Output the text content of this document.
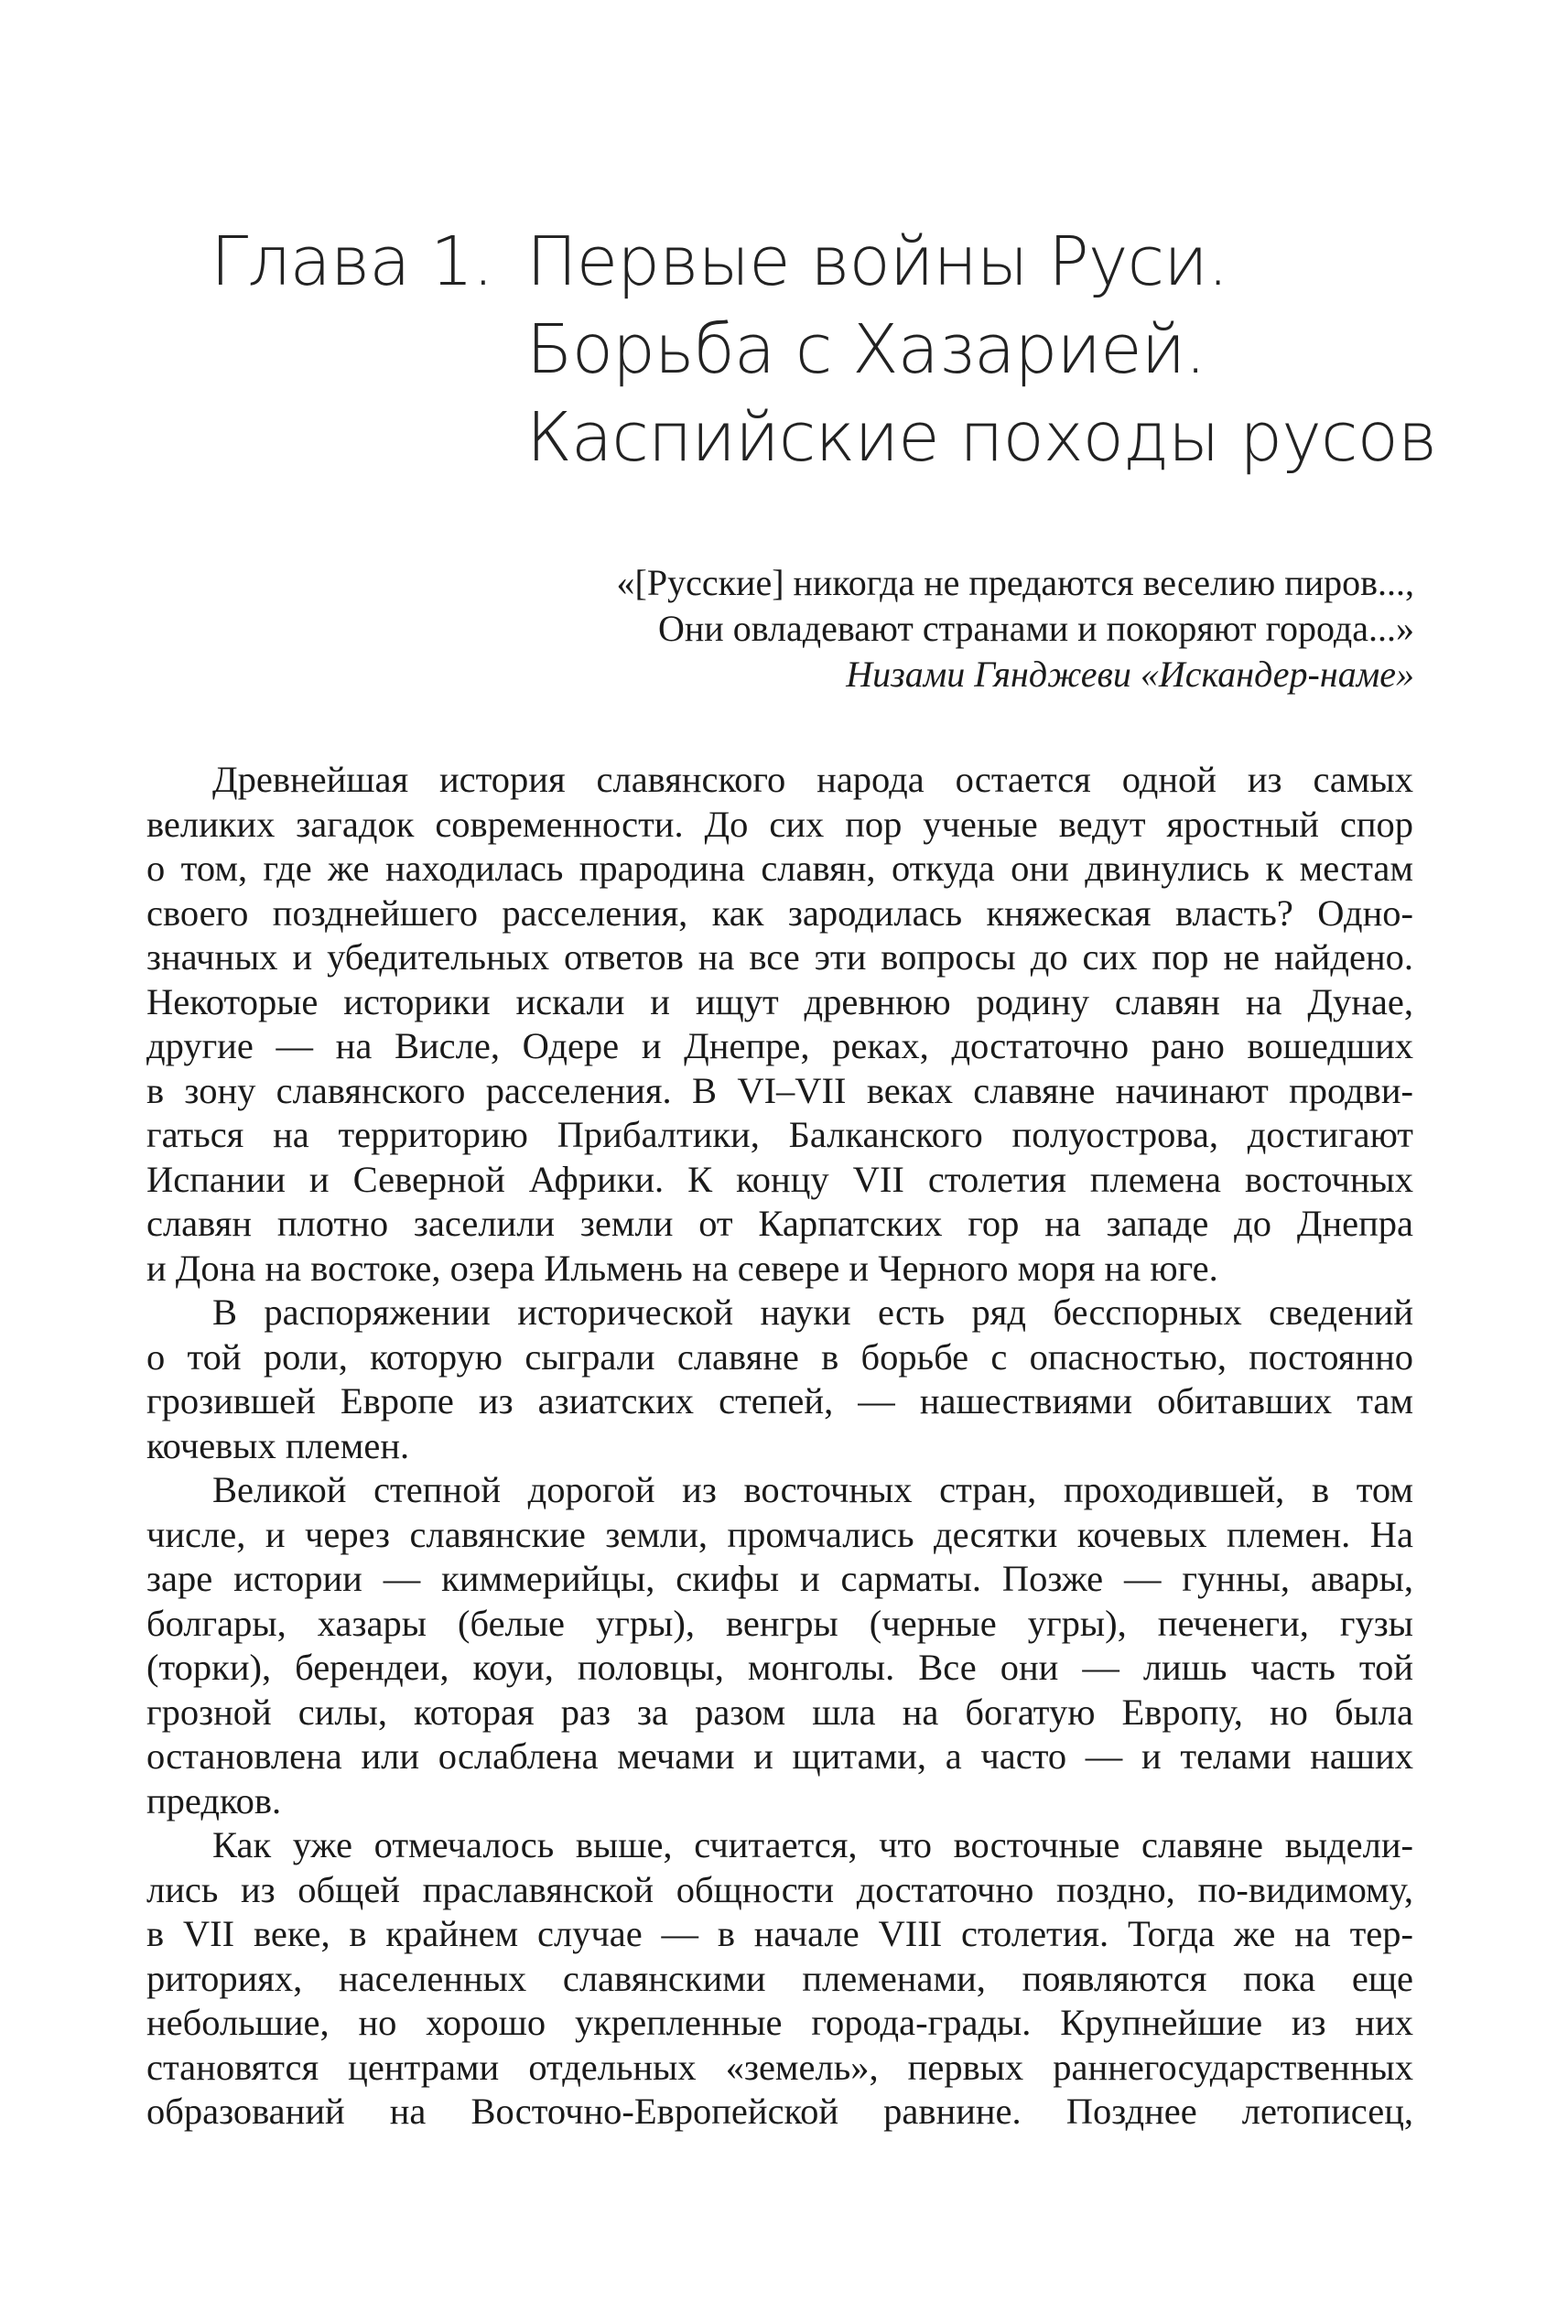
Глава 1. Первые войны Руси.
Борьба с Хазарией.
Каспийские походы русов
«[Русские] никогда не предаются веселию пиров...,
Они овладевают странами и покоряют города...»
Низами Гянджеви «Искандер-наме»

Древнейшая история славянского народа остается одной из самых
великих загадок современности. До сих пор ученые ведут яростный спор
о том, где же находилась прародина славян, откуда они двинулись к местам
своего позднейшего расселения, как зародилась княжеская власть? Одно-
значных и убедительных ответов на все эти вопросы до сих пор не найдено.
Некоторые историки искали и ищут древнюю родину славян на Дунае,
другие — на Висле, Одере и Днепре, реках, достаточно рано вошедших
в зону славянского расселения. В VI–VII веках славяне начинают продви-
гаться на территорию Прибалтики, Балканского полуострова, достигают
Испании и Северной Африки. К концу VII столетия племена восточных
славян плотно заселили земли от Карпатских гор на западе до Днепра
и Дона на востоке, озера Ильмень на севере и Черного моря на юге.

В распоряжении исторической науки есть ряд бесспорных сведений
о той роли, которую сыграли славяне в борьбе с опасностью, постоянно
грозившей Европе из азиатских степей, — нашествиями обитавших там
кочевых племен.

Великой степной дорогой из восточных стран, проходившей, в том
числе, и через славянские земли, промчались десятки кочевых племен. На
заре истории — киммерийцы, скифы и сарматы. Позже — гунны, авары,
болгары, хазары (белые угры), венгры (черные угры), печенеги, гузы
(торки), берендеи, коуи, половцы, монголы. Все они — лишь часть той
грозной силы, которая раз за разом шла на богатую Европу, но была
остановлена или ослаблена мечами и щитами, а часто — и телами наших
предков.

Как уже отмечалось выше, считается, что восточные славяне выдели-
лись из общей праславянской общности достаточно поздно, по-видимому,
в VII веке, в крайнем случае — в начале VIII столетия. Тогда же на тер-
риториях, населенных славянскими племенами, появляются пока еще
небольшие, но хорошо укрепленные города-грады. Крупнейшие из них
становятся центрами отдельных «земель», первых раннегосударственных
образований на Восточно-Европейской равнине. Позднее летописец,
